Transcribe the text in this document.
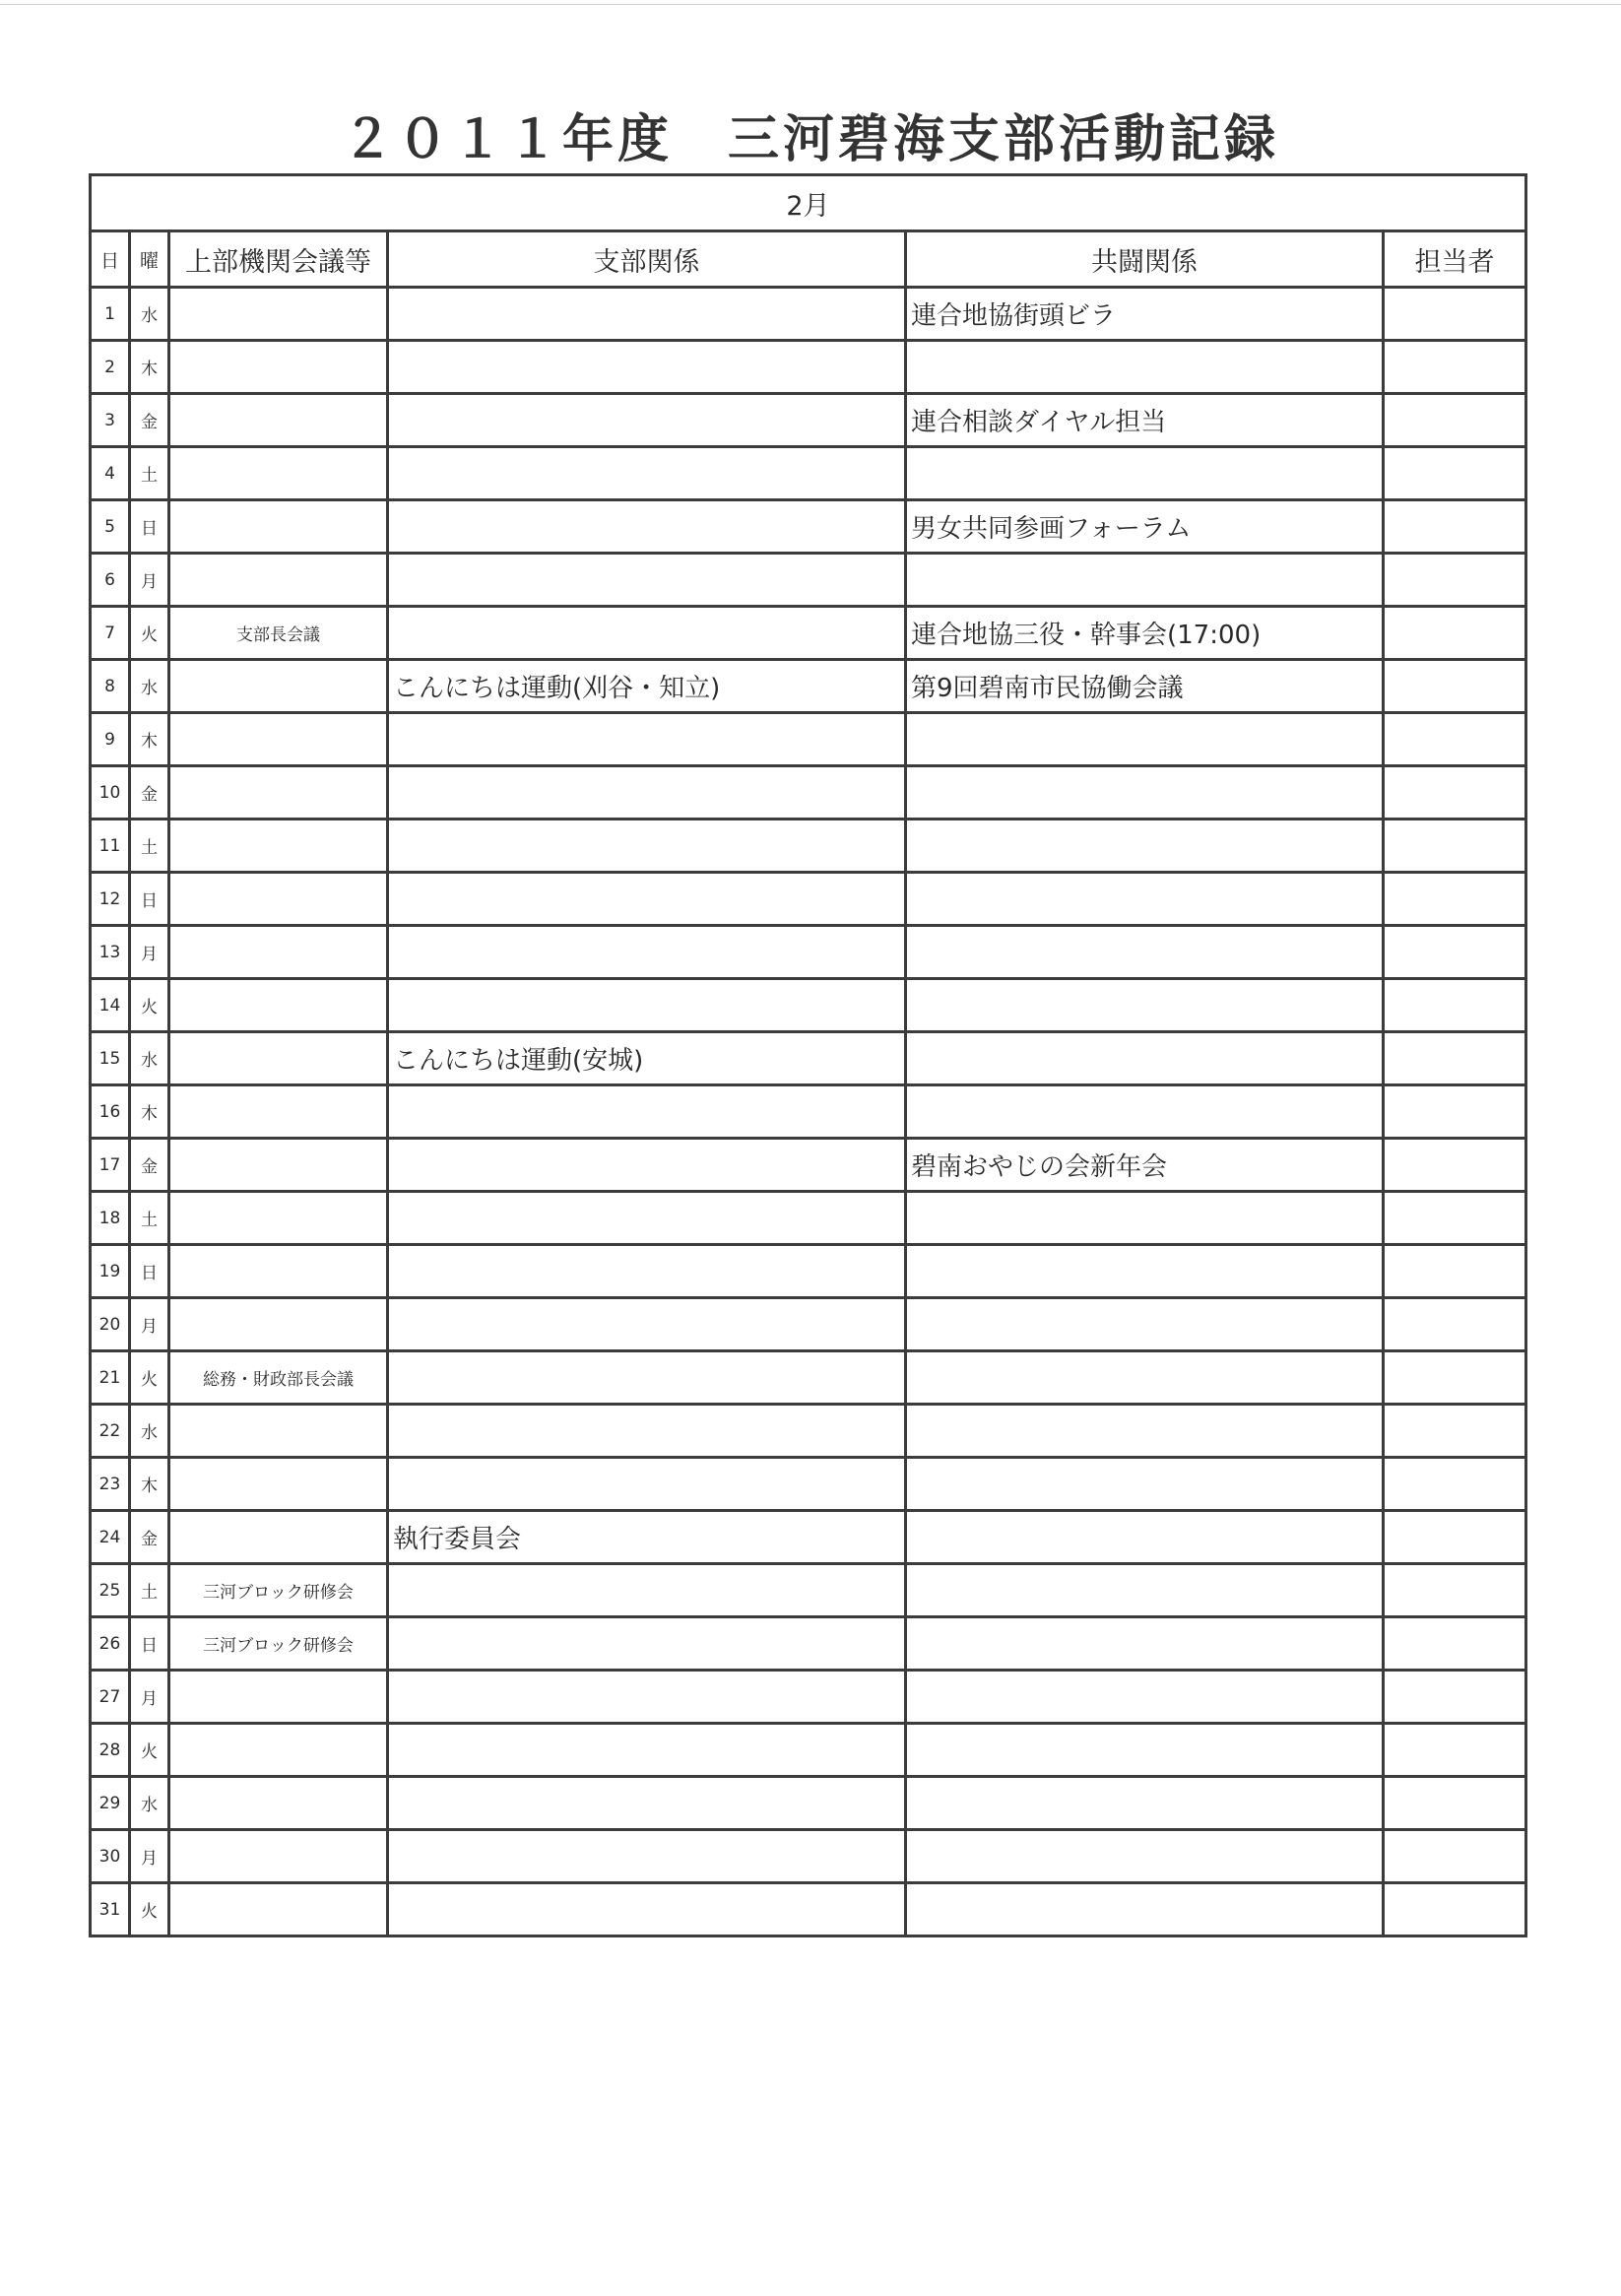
２０１１年度　三河碧海支部活動記録
2月					
日	曜	上部機関会議等	支部関係	共闘関係	担当者
1	水			連合地協街頭ビラ	
2	木				
3	金			連合相談ダイヤル担当	
4	土				
5	日			男女共同参画フォーラム	
6	月				
7	火	支部長会議		連合地協三役・幹事会(17:00)	
8	水		こんにちは運動(刈谷・知立)	第9回碧南市民協働会議	
9	木				
10	金				
11	土				
12	日				
13	月				
14	火				
15	水		こんにちは運動(安城)		
16	木				
17	金			碧南おやじの会新年会	
18	土				
19	日				
20	月				
21	火	総務・財政部長会議			
22	水				
23	木				
24	金		執行委員会		
25	土	三河ブロック研修会			
26	日	三河ブロック研修会			
27	月				
28	火				
29	水				
30	月				
31	火				
